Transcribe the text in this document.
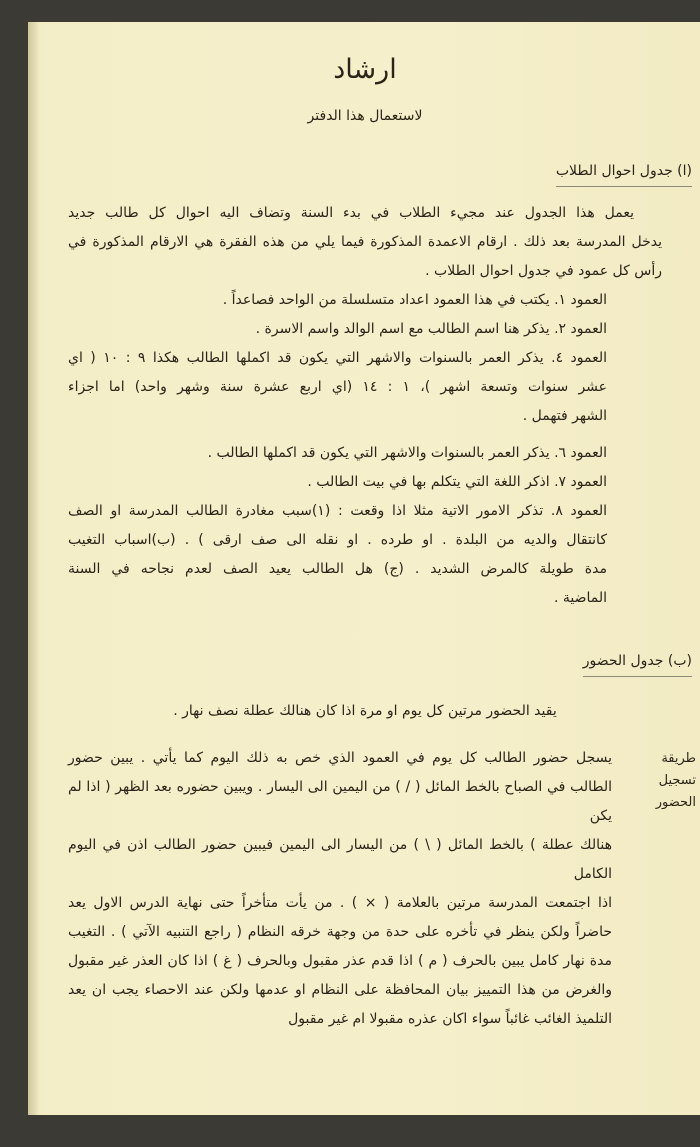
ارشاد
لاستعمال هذا الدفتر
(ا) جدول احوال الطلاب
يعمل هذا الجدول عند مجيء الطلاب في بدء السنة وتضاف اليه احوال كل طالب جديد
يدخل المدرسة بعد ذلك . ارقام الاعمدة المذكورة فيما يلي من هذه الفقرة هي الارقام المذكورة في
رأس كل عمود في جدول احوال الطلاب .
العمود ١. يكتب في هذا العمود اعداد متسلسلة من الواحد فصاعداً .
العمود ٢. يذكر هنا اسم الطالب مع اسم الوالد واسم الاسرة .
العمود ٤. يذكر العمر بالسنوات والاشهر التي يكون قد اكملها الطالب هكذا ٩ : ١٠ ( اي
عشر سنوات وتسعة اشهر )، ١ : ١٤ (اي اربع عشرة سنة وشهر واحد) اما اجزاء
الشهر فتهمل .
العمود ٦. يذكر العمر بالسنوات والاشهر التي يكون قد اكملها الطالب .
العمود ٧. اذكر اللغة التي يتكلم بها في بيت الطالب .
العمود ٨. تذكر الامور الاتية مثلا اذا وقعت : (١)سبب مغادرة الطالب المدرسة او الصف
كانتقال والديه من البلدة . او طرده . او نقله الى صف ارقى ) . (ب)اسباب التغيب
مدة طويلة كالمرض الشديد . (ج) هل الطالب يعيد الصف لعدم نجاحه في السنة
الماضية .
(ب) جدول الحضور
يقيد الحضور مرتين كل يوم او مرة اذا كان هنالك عطلة نصف نهار .
طريقة تسجيل
الحضور
يسجل حضور الطالب كل يوم في العمود الذي خص به ذلك اليوم كما يأتي . يبين حضور
الطالب في الصباح بالخط المائل ( / ) من اليمين الى اليسار . ويبين حضوره بعد الظهر ( اذا لم يكن
هنالك عطلة ) بالخط المائل ( \ ) من اليسار الى اليمين فيبين حضور الطالب اذن في اليوم الكامل
اذا اجتمعت المدرسة مرتين بالعلامة ( × ) . من يأت متأخراً حتى نهاية الدرس الاول يعد
حاضراً ولكن ينظر في تأخره على حدة من وجهة خرقه النظام ( راجع التنبيه الآتي ) . التغيب
مدة نهار كامل يبين بالحرف ( م ) اذا قدم عذر مقبول وبالحرف ( غ ) اذا كان العذر غير مقبول
والغرض من هذا التمييز بيان المحافظة على النظام او عدمها ولكن عند الاحصاء يجب ان يعد
التلميذ الغائب غائباً سواء اكان عذره مقبولا ام غير مقبول
